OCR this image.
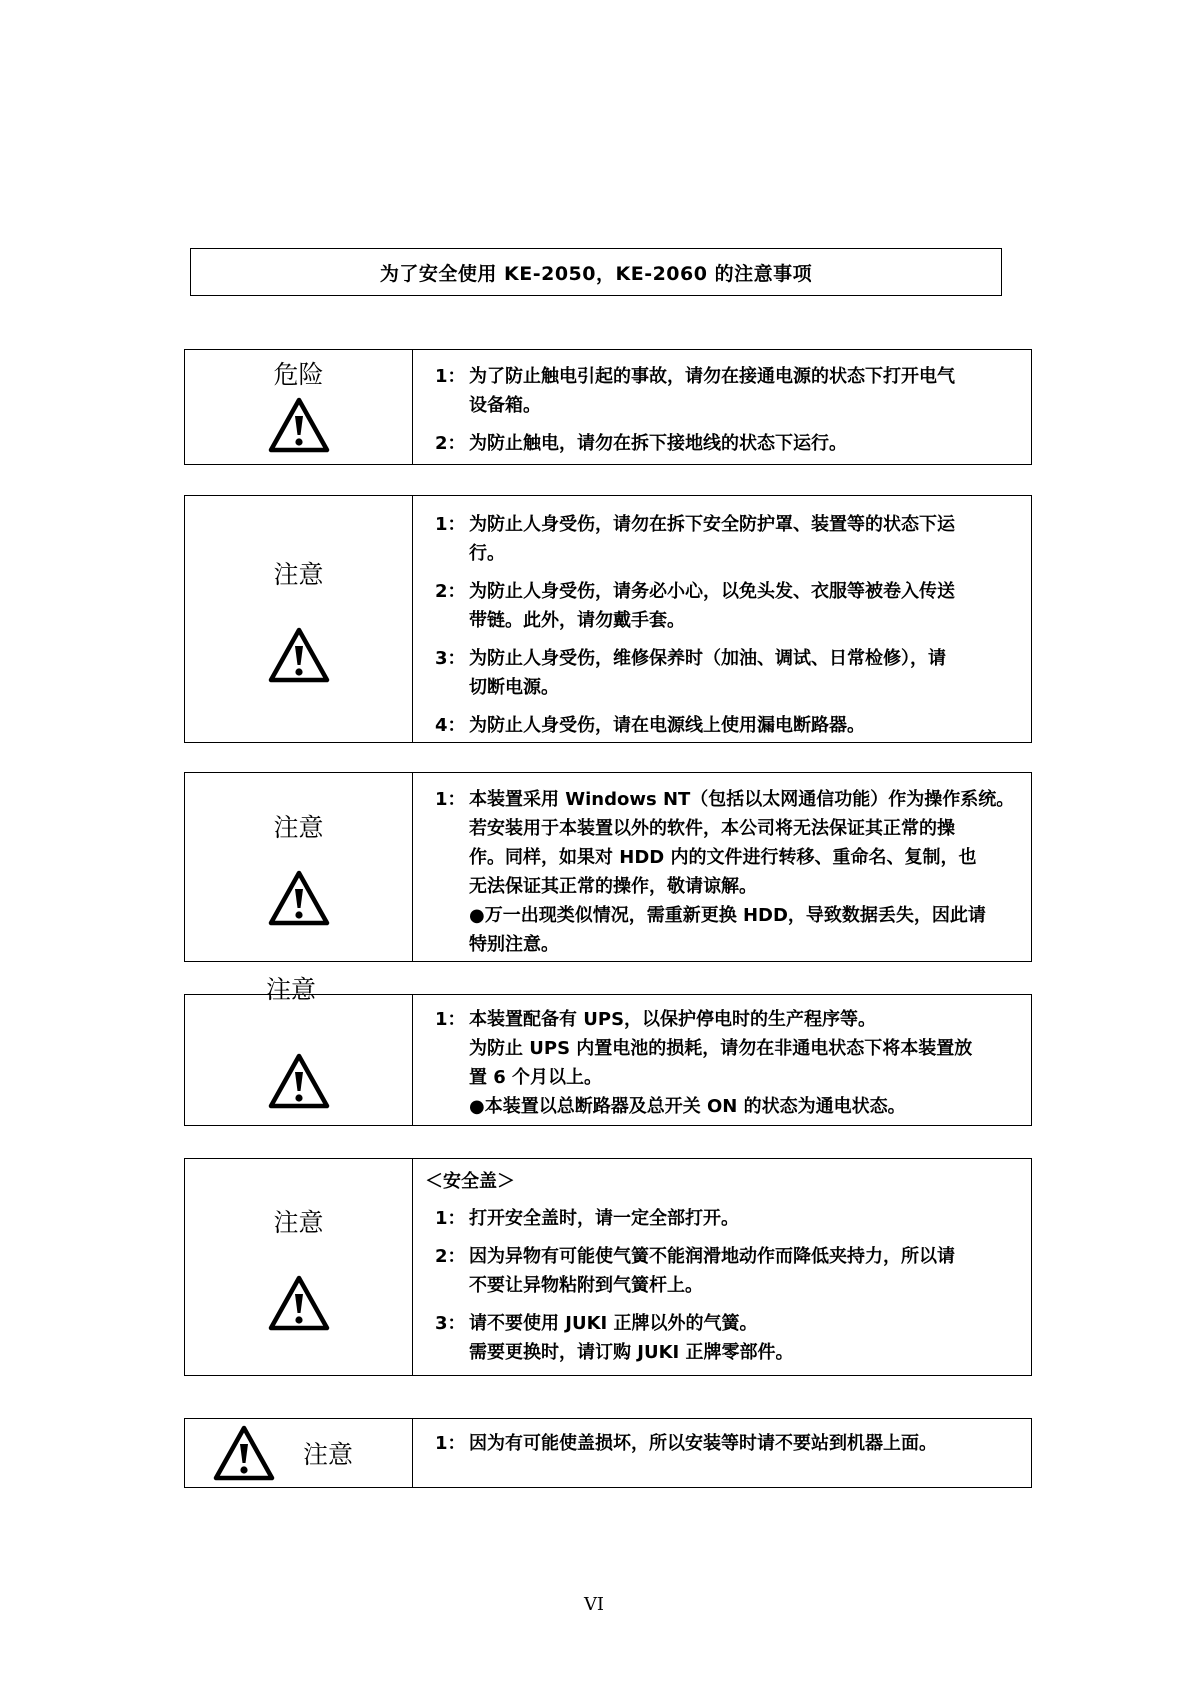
为了安全使用 KE-2050，KE-2060 的注意事项
危险	1： 为了防止触电引起的事故，请勿在接通电源的状态下打开电气
设备箱。
2： 为防止触电，请勿在拆下接地线的状态下运行。
注意
1： 为防止人身受伤，请勿在拆下安全防护罩、装置等的状态下运
行。
2： 为防止人身受伤，请务必小心，以免头发、衣服等被卷入传送
带链。此外，请勿戴手套。
3： 为防止人身受伤，维修保养时（加油、调试、日常检修），请
切断电源。
4： 为防止人身受伤，请在电源线上使用漏电断路器。
注意
1： 本装置采用 Windows NT（包括以太网通信功能）作为操作系统。
若安装用于本装置以外的软件，本公司将无法保证其正常的操
作。同样，如果对 HDD 内的文件进行转移、重命名、复制，也
无法保证其正常的操作，敬请谅解。
●万一出现类似情况，需重新更换 HDD，导致数据丢失，因此请
特别注意。
注意
1： 本装置配备有 UPS，以保护停电时的生产程序等。
为防止 UPS 内置电池的损耗，请勿在非通电状态下将本装置放
置 6 个月以上。
●本装置以总断路器及总开关 ON 的状态为通电状态。
注意
＜安全盖＞
1： 打开安全盖时，请一定全部打开。
2： 因为异物有可能使气簧不能润滑地动作而降低夹持力，所以请
不要让异物粘附到气簧杆上。
3： 请不要使用 JUKI 正牌以外的气簧。
需要更换时，请订购 JUKI 正牌零部件。
注意	1： 因为有可能使盖损坏，所以安装等时请不要站到机器上面。
VI
